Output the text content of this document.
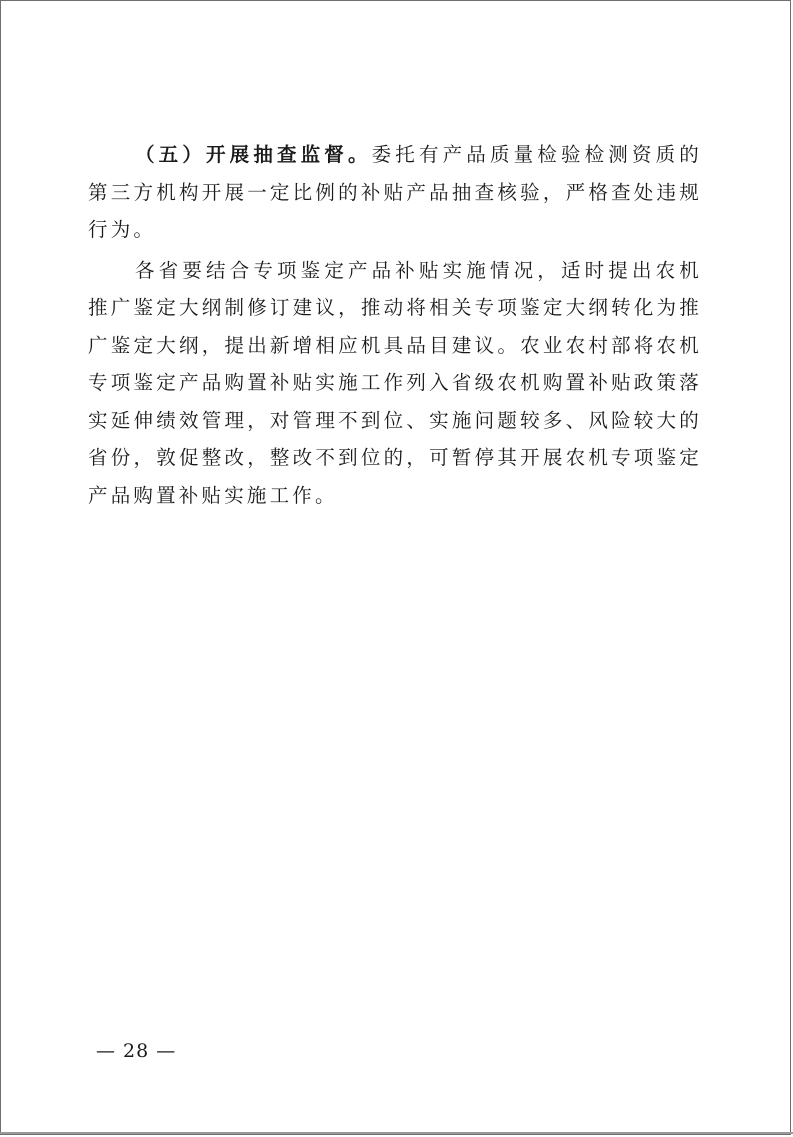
（五）开展抽查监督。委托有产品质量检验检测资质的第三方机构开展一定比例的补贴产品抽查核验，严格查处违规行为。

各省要结合专项鉴定产品补贴实施情况，适时提出农机推广鉴定大纲制修订建议，推动将相关专项鉴定大纲转化为推广鉴定大纲，提出新增相应机具品目建议。农业农村部将农机专项鉴定产品购置补贴实施工作列入省级农机购置补贴政策落实延伸绩效管理，对管理不到位、实施问题较多、风险较大的省份，敦促整改，整改不到位的，可暂停其开展农机专项鉴定产品购置补贴实施工作。

— 28 —
